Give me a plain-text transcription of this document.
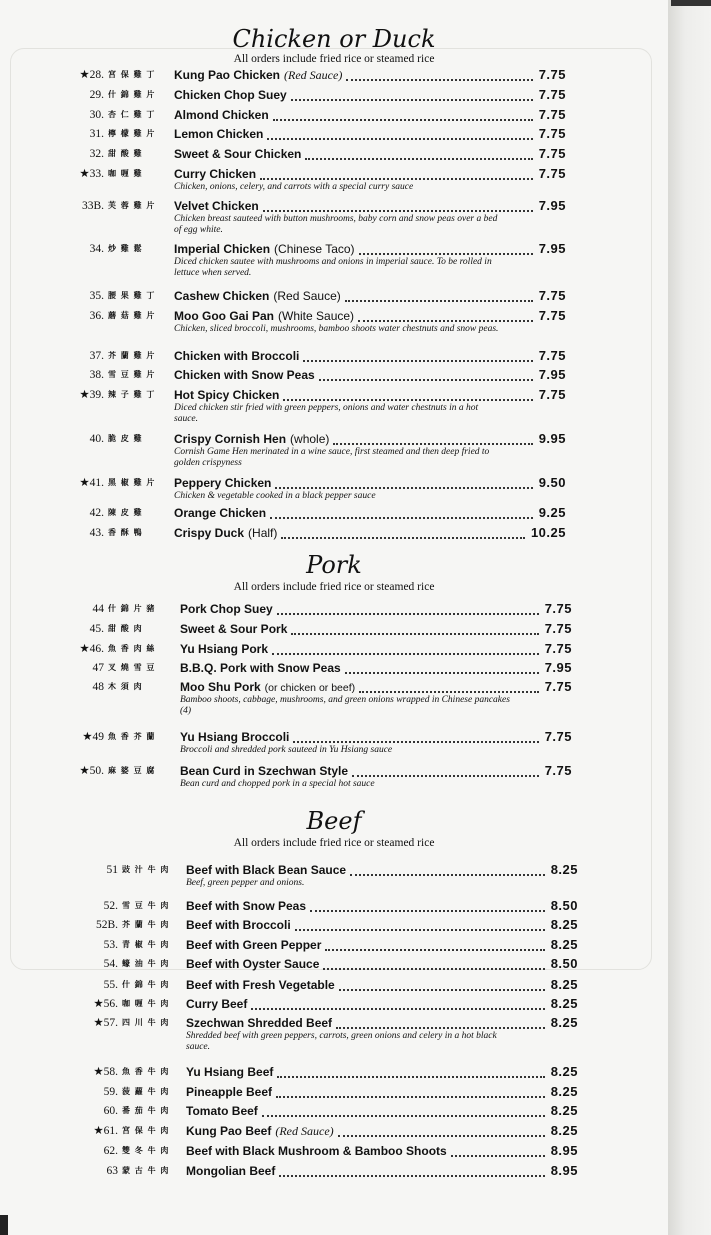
Chicken or Duck
All orders include fried rice or steamed rice
★28. 宮 保 雞 丁 Kung Pao Chicken (Red Sauce)	7.75
29. 什 錦 雞 片 Chicken Chop Suey	7.75
30. 杏 仁 雞 丁 Almond Chicken	7.75
31. 檸 檬 雞 片 Lemon Chicken	7.75
32. 甜 酸 雞	Sweet & Sour Chicken	7.75
★33. 咖 喱 雞	Curry Chicken	7.75
Chicken, onions, celery, and carrots with a special curry sauce
33B. 芙 蓉 雞 片 Velvet Chicken	7.95
Chicken breast sauteed with button mushrooms, baby corn and snow peas over a bed of egg white.
34. 炒 雞 鬆	Imperial Chicken (Chinese Taco)	7.95
Diced chicken sautee with mushrooms and onions in imperial sauce. To be rolled in lettuce when served.
35. 腰 果 雞 丁 Cashew Chicken (Red Sauce)	7.75
36. 蘑 菇 雞 片 Moo Goo Gai Pan (White Sauce)	7.75
Chicken, sliced broccoli, mushrooms, bamboo shoots water chestnuts and snow peas.
37. 芥 蘭 雞 片 Chicken with Broccoli	7.75
38. 雪 豆 雞 片 Chicken with Snow Peas	7.95
★39. 辣 子 雞 丁 Hot Spicy Chicken	7.75
Diced chicken stir fried with green peppers, onions and water chestnuts in a hot sauce.
40. 脆 皮 雞	Crispy Cornish Hen (whole)	9.95
Cornish Game Hen merinated in a wine sauce, first steamed and then deep fried to golden crispyness
★41. 黑 椒 雞 片 Peppery Chicken	9.50
Chicken & vegetable cooked in a black pepper sauce
42. 陳 皮 雞	Orange Chicken	9.25
43. 香 酥 鴨	Crispy Duck (Half)	10.25
Pork
All orders include fried rice or steamed rice
44 什 錦 片 豬 Pork Chop Suey	7.75
45. 甜 酸 肉	Sweet & Sour Pork	7.75
★46. 魚 香 肉 絲 Yu Hsiang Pork	7.75
47 叉 燒 雪 豆 B.B.Q. Pork with Snow Peas	7.95
48 木 須 肉	Moo Shu Pork (or chicken or beef)	7.75
Bamboo shoots, cabbage, mushrooms, and green onions wrapped in Chinese pancakes (4)
★49 魚 香 芥 蘭 Yu Hsiang Broccoli	7.75
Broccoli and shredded pork sauteed in Yu Hsiang sauce
★50. 麻 婆 豆 腐 Bean Curd in Szechwan Style	7.75
Bean curd and chopped pork in a special hot sauce
Beef
All orders include fried rice or steamed rice
51 豉 汁 牛 肉 Beef with Black Bean Sauce	8.25
Beef, green pepper and onions.
52. 雪 豆 牛 肉 Beef with Snow Peas	8.50
52B. 芥 蘭 牛 肉 Beef with Broccoli	8.25
53. 青 椒 牛 肉 Beef with Green Pepper	8.25
54. 蠔 油 牛 肉 Beef with Oyster Sauce	8.50
55. 什 錦 牛 肉 Beef with Fresh Vegetable	8.25
★56. 咖 喱 牛 肉 Curry Beef	8.25
★57. 四 川 牛 肉 Szechwan Shredded Beef	8.25
Shredded beef with green peppers, carrots, green onions and celery in a hot black sauce.
★58. 魚 香 牛 肉 Yu Hsiang Beef	8.25
59. 菠 蘿 牛 肉 Pineapple Beef	8.25
60. 番 茄 牛 肉 Tomato Beef	8.25
★61. 宮 保 牛 肉 Kung Pao Beef (Red Sauce)	8.25
62. 雙 冬 牛 肉 Beef with Black Mushroom & Bamboo Shoots	8.95
63 蒙 古 牛 肉 Mongolian Beef	8.95
